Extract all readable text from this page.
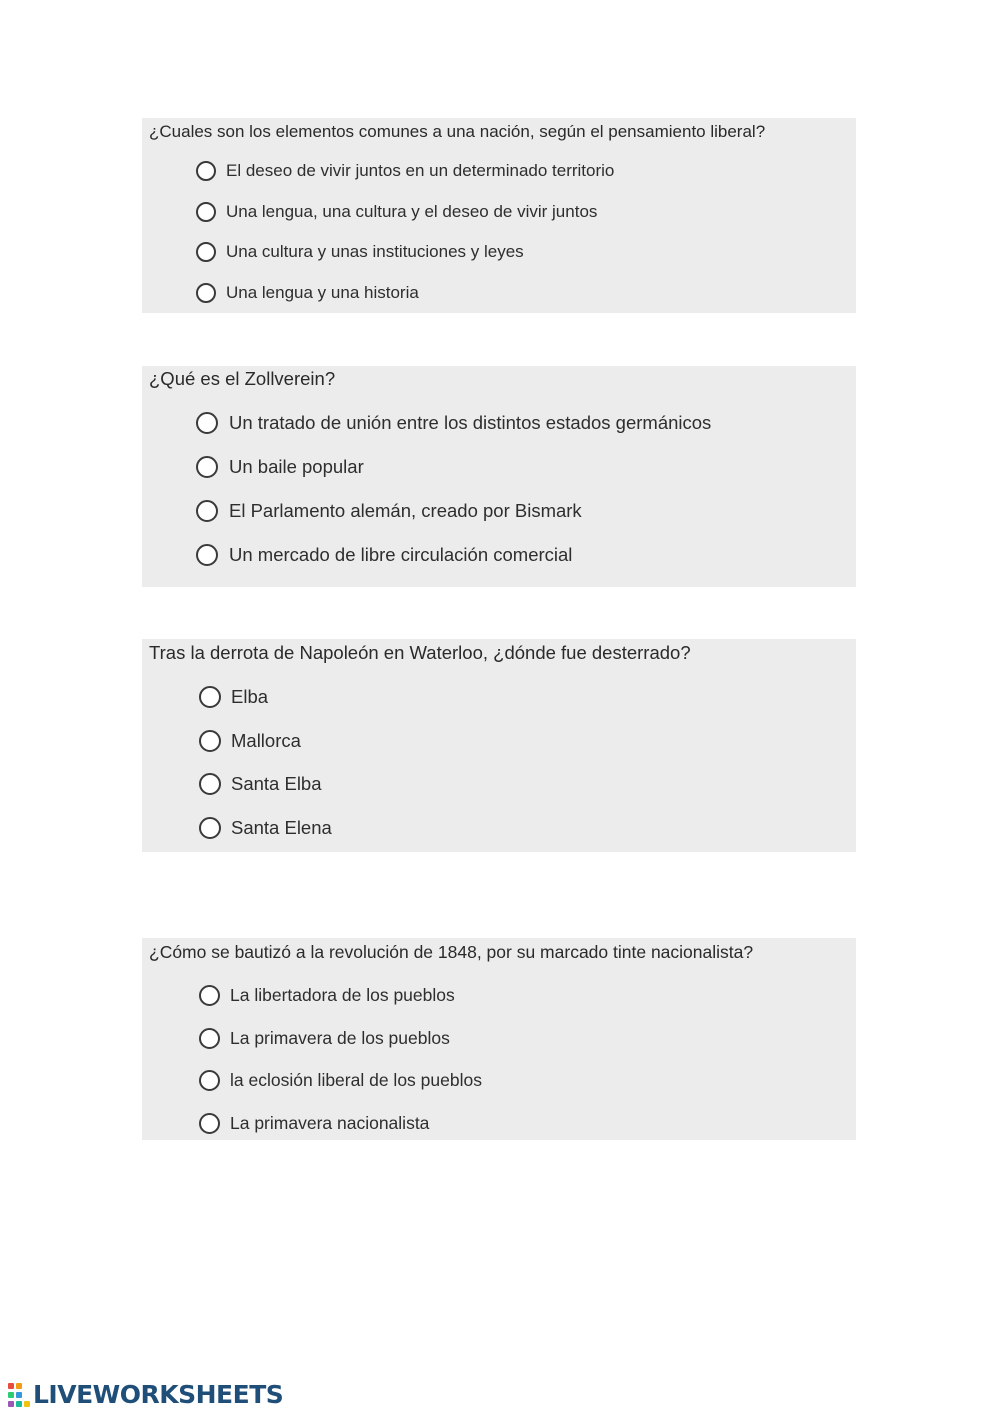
¿Cuales son los elementos comunes a una nación, según el pensamiento liberal?
El deseo de vivir juntos en un determinado territorio
Una lengua, una cultura y el deseo de vivir juntos
Una cultura y unas instituciones y leyes
Una lengua y una historia
¿Qué es el Zollverein?
Un tratado de unión entre los distintos estados germánicos
Un baile popular
El Parlamento alemán, creado por Bismark
Un mercado de libre circulación comercial
Tras la derrota de Napoleón en Waterloo, ¿dónde fue desterrado?
Elba
Mallorca
Santa Elba
Santa Elena
¿Cómo se bautizó a la revolución de 1848, por su marcado tinte nacionalista?
La libertadora de los pueblos
La primavera de los pueblos
la eclosión liberal de los pueblos
La primavera nacionalista
LIVEWORKSHEETS
